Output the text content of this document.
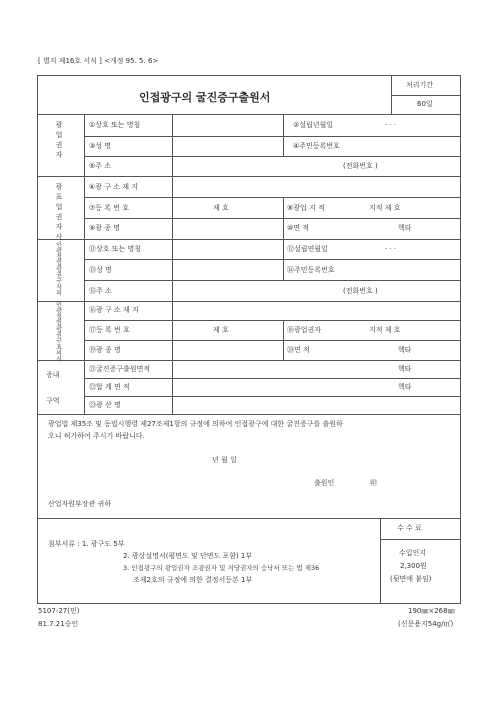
[ 별지 제16호 서식 ] <개정 95. 5. 6>
인접광구의 굴진증구출원서
처리기간
60일
광
업
권
자
광
표
업
권
자
사
인
광
접
업
광
권
구
자
의
인
광
접
업
광
권
구
표
의
시
증내
구역
①상호 또는 명칭	②설립년월일	· · ·
③성 명	④주민등록번호
⑤주 소	(전화번호 )
⑥광 구 소 재 지
⑦등 록 번 호	제 호	⑧광업 지 적	지적 제 호
⑨광 종 명	⑩면 적	헥타
⑪상호 또는 명칭	⑫설립연월일	· · ·
⑬성 명	⑭주민등록번호
⑮주 소	(전화번호 )
⑯광 구 소 재 지
⑰등 록 번 호	제 호	⑱광업권자	지적 제 호
⑲광 종 명	⑳면 적	헥타
㉑굴진증구출원면적	헥타
㉒합 계 면 적	헥타
㉓광 산 명
광업법 제35조 및 동법시행령 제27조제1항의 규정에 의하여 인접광구에 대한 굴진증구를 출원하
오니 허가하여 주시기 바랍니다.
년 월 일
출원인	㊞
산업자원부장관 귀하
첨부서류 : 1. 광구도 5부
2. 광상설명서(평면도 및 단면도 포함) 1부
3. 인접광구의 광업권자 조광권자 및 저당권자의 승낙서 또는 법 제36
조제2호의 규정에 의한 결정서등본 1부
수 수 료
수입인지
2,300원
(뒷면에 붙임)
5107-27(민)
81.7.21승인
190㎜×268㎜
(신문용지54g/㎡)
